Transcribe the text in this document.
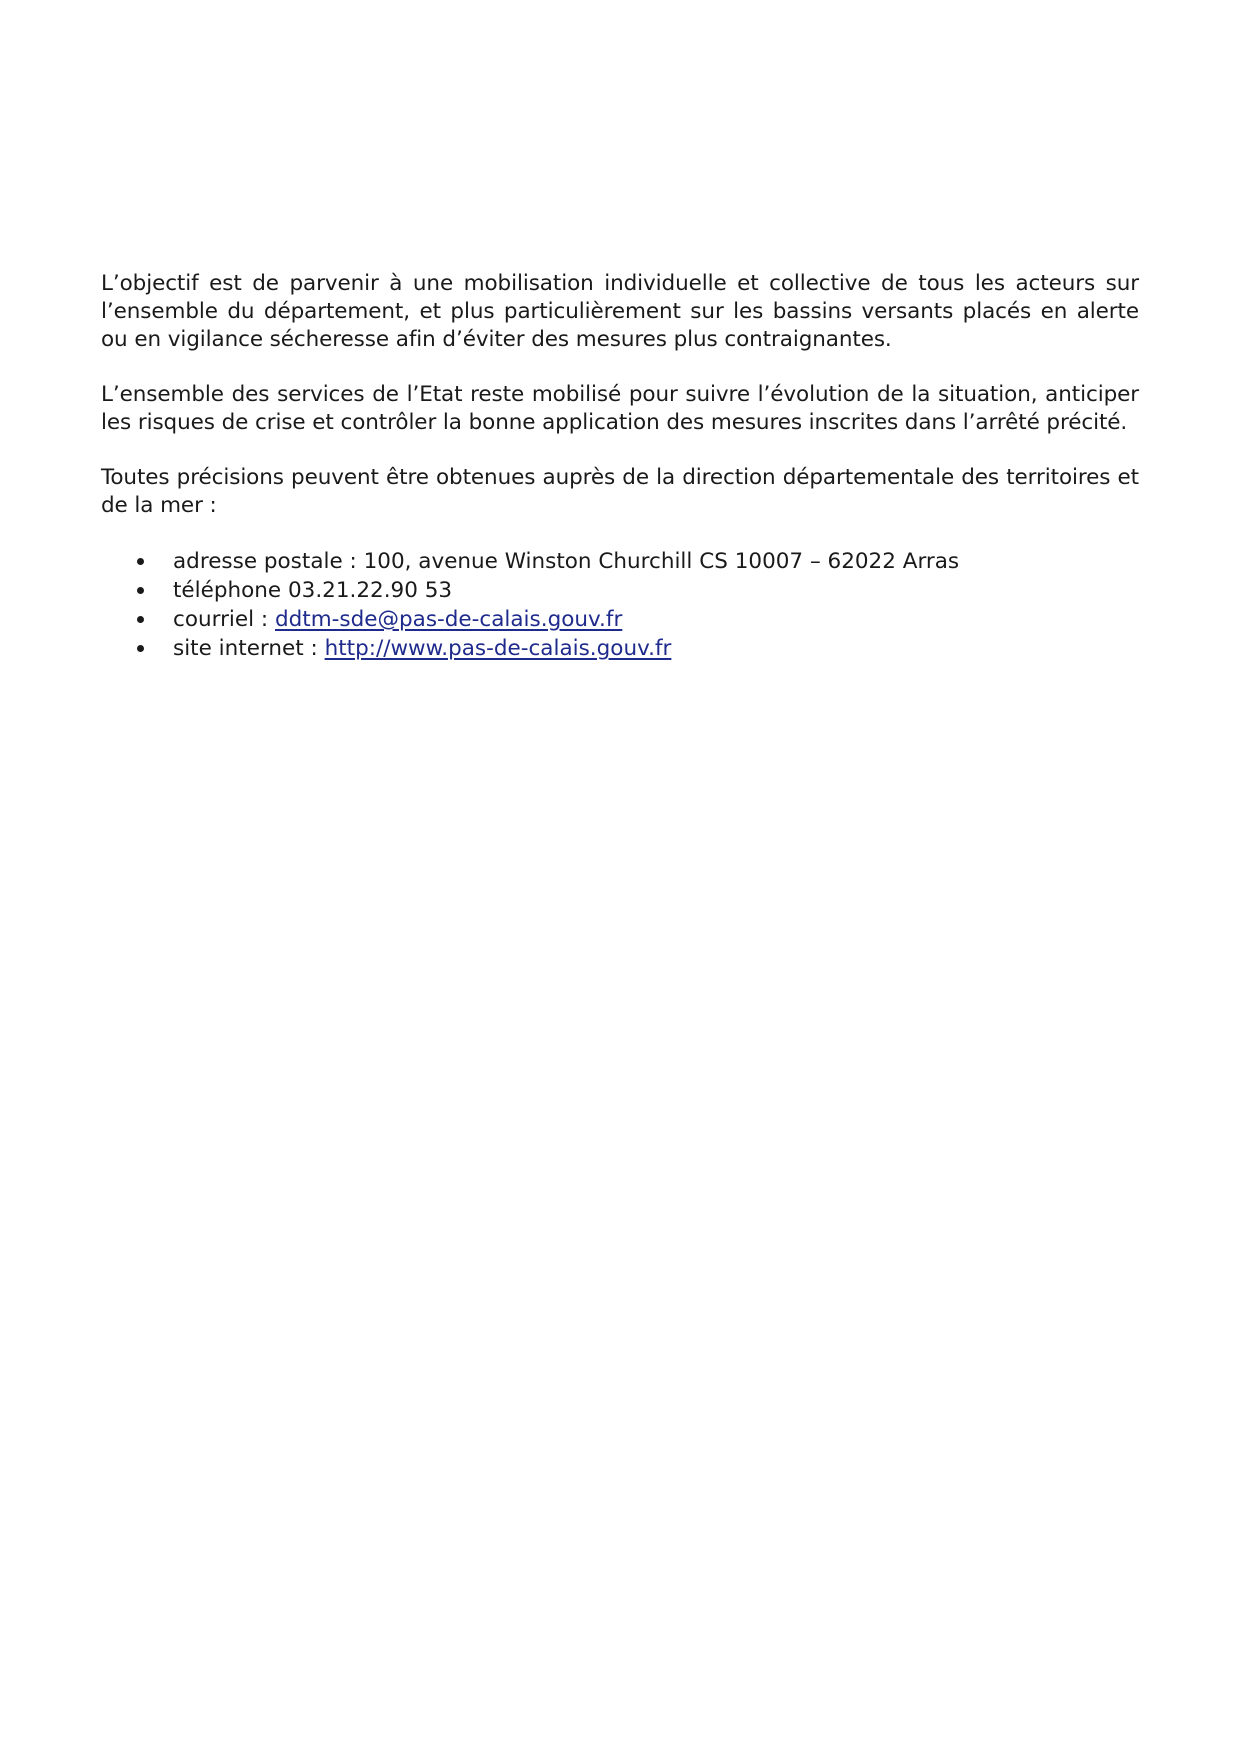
L’objectif est de parvenir à une mobilisation individuelle et collective de tous les acteurs sur l’ensemble du département, et plus particulièrement sur les bassins versants placés en alerte ou en vigilance sécheresse afin d’éviter des mesures plus contraignantes.

L’ensemble des services de l’Etat reste mobilisé pour suivre l’évolution de la situation, anticiper les risques de crise et contrôler la bonne application des mesures inscrites dans l’arrêté précité.

Toutes précisions peuvent être obtenues auprès de la direction départementale des territoires et de la mer :

adresse postale : 100, avenue Winston Churchill CS 10007 – 62022 Arras
téléphone 03.21.22.90 53
courriel : ddtm-sde@pas-de-calais.gouv.fr
site internet : http://www.pas-de-calais.gouv.fr
